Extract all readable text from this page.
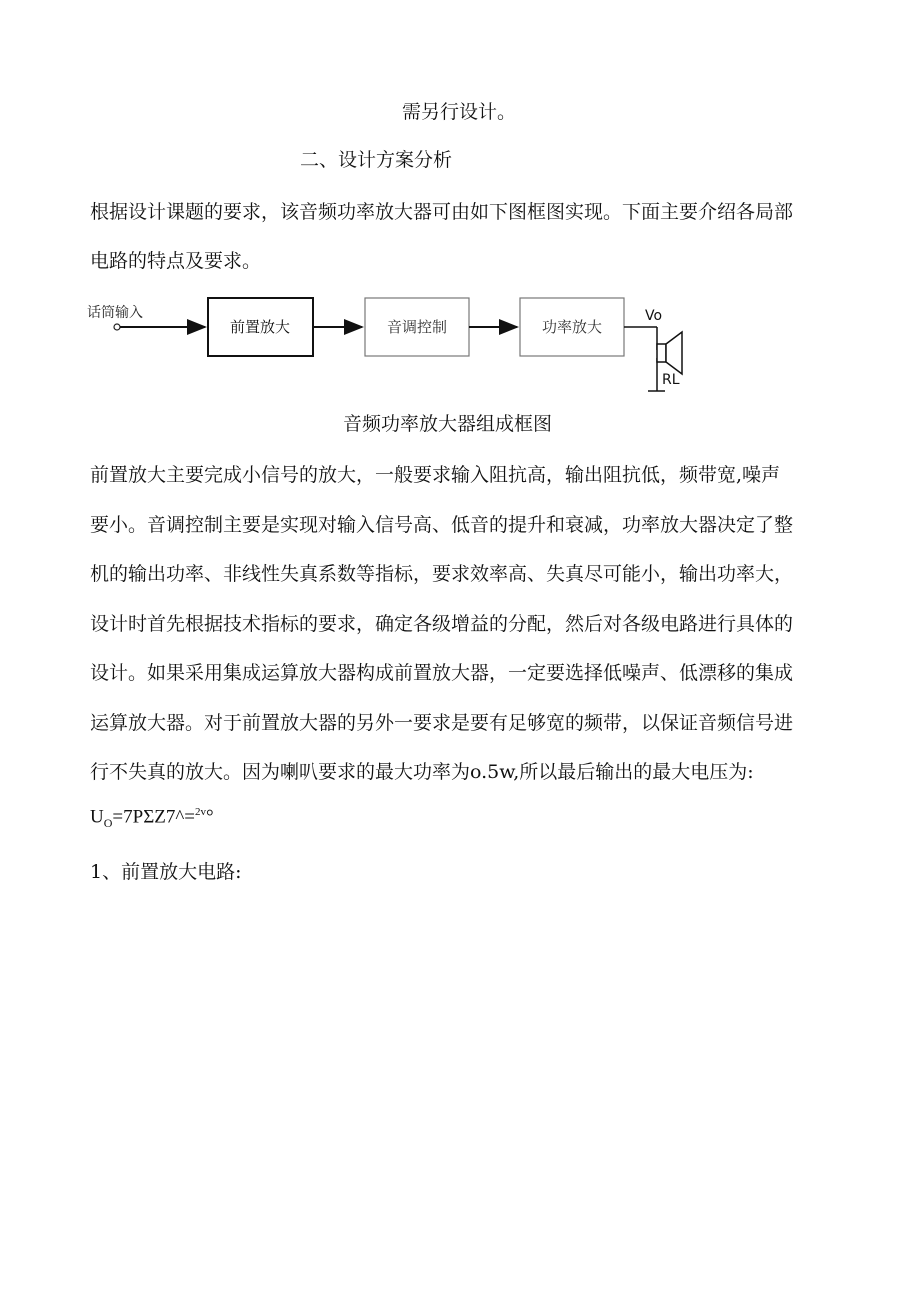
需另行设计。
二、设计方案分析
根据设计课题的要求，该音频功率放大器可由如下图框图实现。下面主要介绍各局部
电路的特点及要求。
话筒输入
前置放大	音调控制	功率放大
Vo
RL
音频功率放大器组成框图
前置放大主要完成小信号的放大，一般要求输入阻抗高，输出阻抗低，频带宽,噪声
要小。音调控制主要是实现对输入信号高、低音的提升和衰减，功率放大器决定了整
机的输出功率、非线性失真系数等指标，要求效率高、失真尽可能小，输出功率大，
设计时首先根据技术指标的要求，确定各级增益的分配，然后对各级电路进行具体的
设计。如果采用集成运算放大器构成前置放大器，一定要选择低噪声、低漂移的集成
运算放大器。对于前置放大器的另外一要求是要有足够宽的频带，以保证音频信号进
行不失真的放大。因为喇叭要求的最大功率为o.5w,所以最后输出的最大电压为:
$U_O=7P\Sigma Z7\^{}=^{2v}^\circ$
1、前置放大电路:
